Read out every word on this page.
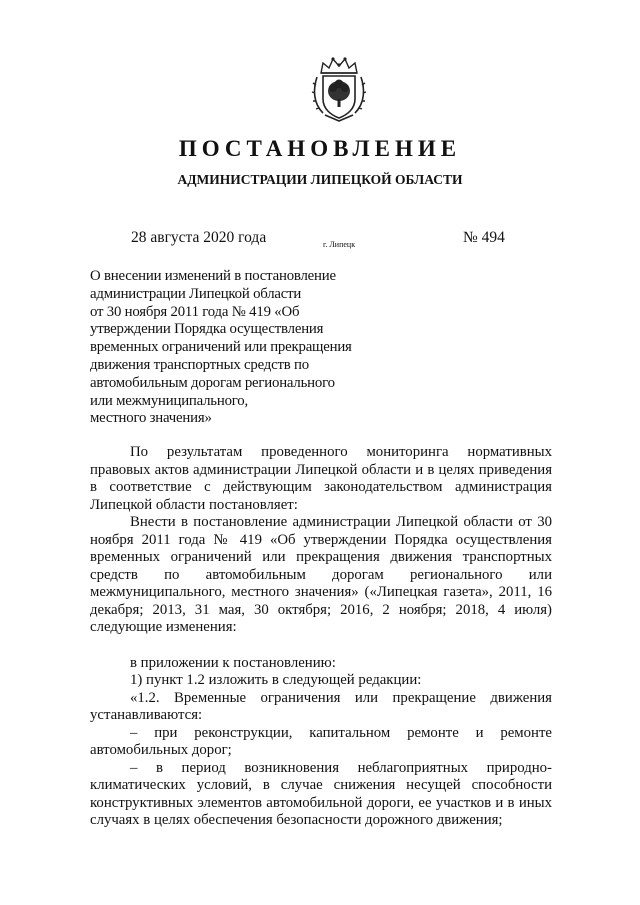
ПОСТАНОВЛЕНИЕ
АДМИНИСТРАЦИИ ЛИПЕЦКОЙ ОБЛАСТИ
28 августа 2020 года	г. Липецк	№ 494
О внесении изменений в постановление
администрации Липецкой области
от 30 ноября 2011 года № 419 «Об
утверждении Порядка осуществления
временных ограничений или прекращения
движения транспортных средств по
автомобильным дорогам регионального
или межмуниципального,
местного значения»

По результатам проведенного мониторинга нормативных правовых актов администрации Липецкой области и в целях приведения в соответствие с действующим законодательством администрация Липецкой области постановляет:

Внести в постановление администрации Липецкой области от 30 ноября 2011 года № 419 «Об утверждении Порядка осуществления временных ограничений или прекращения движения транспортных средств по автомобильным дорогам регионального или межмуниципального, местного значения» («Липецкая газета», 2011, 16 декабря; 2013, 31 мая, 30 октября; 2016, 2 ноября; 2018, 4 июля) следующие изменения:

в приложении к постановлению:

1) пункт 1.2 изложить в следующей редакции:

«1.2. Временные ограничения или прекращение движения устанавливаются:

– при реконструкции, капитальном ремонте и ремонте автомобильных дорог;

– в период возникновения неблагоприятных природно-климатических условий, в случае снижения несущей способности конструктивных элементов автомобильной дороги, ее участков и в иных случаях в целях обеспечения безопасности дорожного движения;
